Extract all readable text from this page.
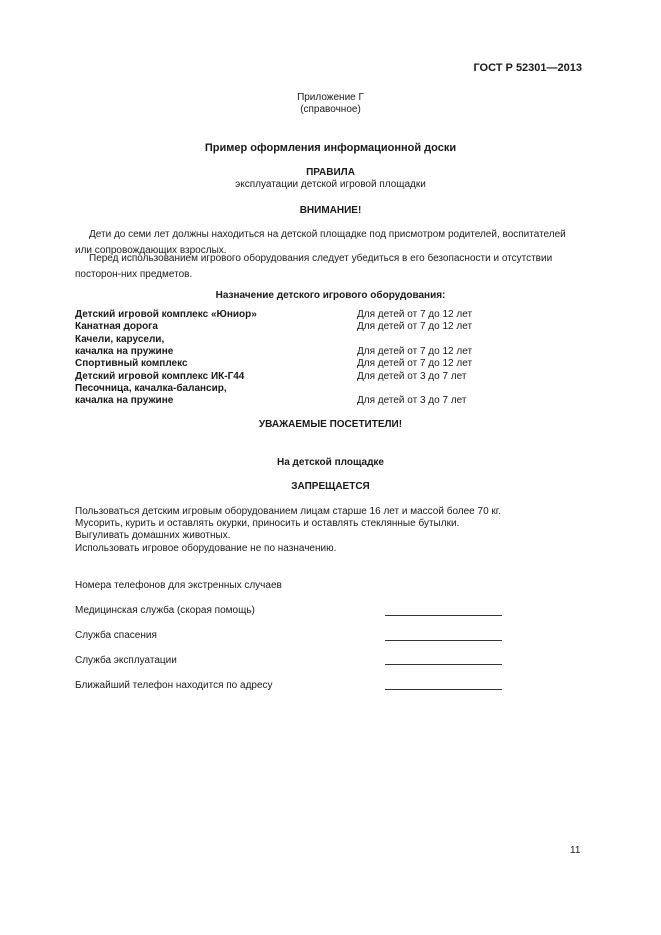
ГОСТ Р 52301—2013
Приложение Г
(справочное)
Пример оформления информационной доски
ПРАВИЛА
эксплуатации детской игровой площадки
ВНИМАНИЕ!
Дети до семи лет должны находиться на детской площадке под присмотром родителей, воспитателей или сопровождающих взрослых.
Перед использованием игрового оборудования следует убедиться в его безопасности и отсутствии посторон-них предметов.
Назначение детского игрового оборудования:
Детский игровой комплекс «Юниор»	Для детей от 7 до 12 лет
Канатная дорога	Для детей от 7 до 12 лет
Качели, карусели,
качалка на пружине	Для детей от 7 до 12 лет
Спортивный комплекс	Для детей от 7 до 12 лет
Детский игровой комплекс ИК-Г44	Для детей от 3 до 7 лет
Песочница, качалка-балансир,
качалка на пружине	Для детей от 3 до 7 лет
УВАЖАЕМЫЕ ПОСЕТИТЕЛИ!
На детской площадке
ЗАПРЕЩАЕТСЯ
Пользоваться детским игровым оборудованием лицам старше 16 лет и массой более 70 кг.
Мусорить, курить и оставлять окурки, приносить и оставлять стеклянные бутылки.
Выгуливать домашних животных.
Использовать игровое оборудование не по назначению.
Номера телефонов для экстренных случаев
Медицинская служба (скорая помощь)
Служба спасения
Служба эксплуатации
Ближайший телефон находится по адресу
11
